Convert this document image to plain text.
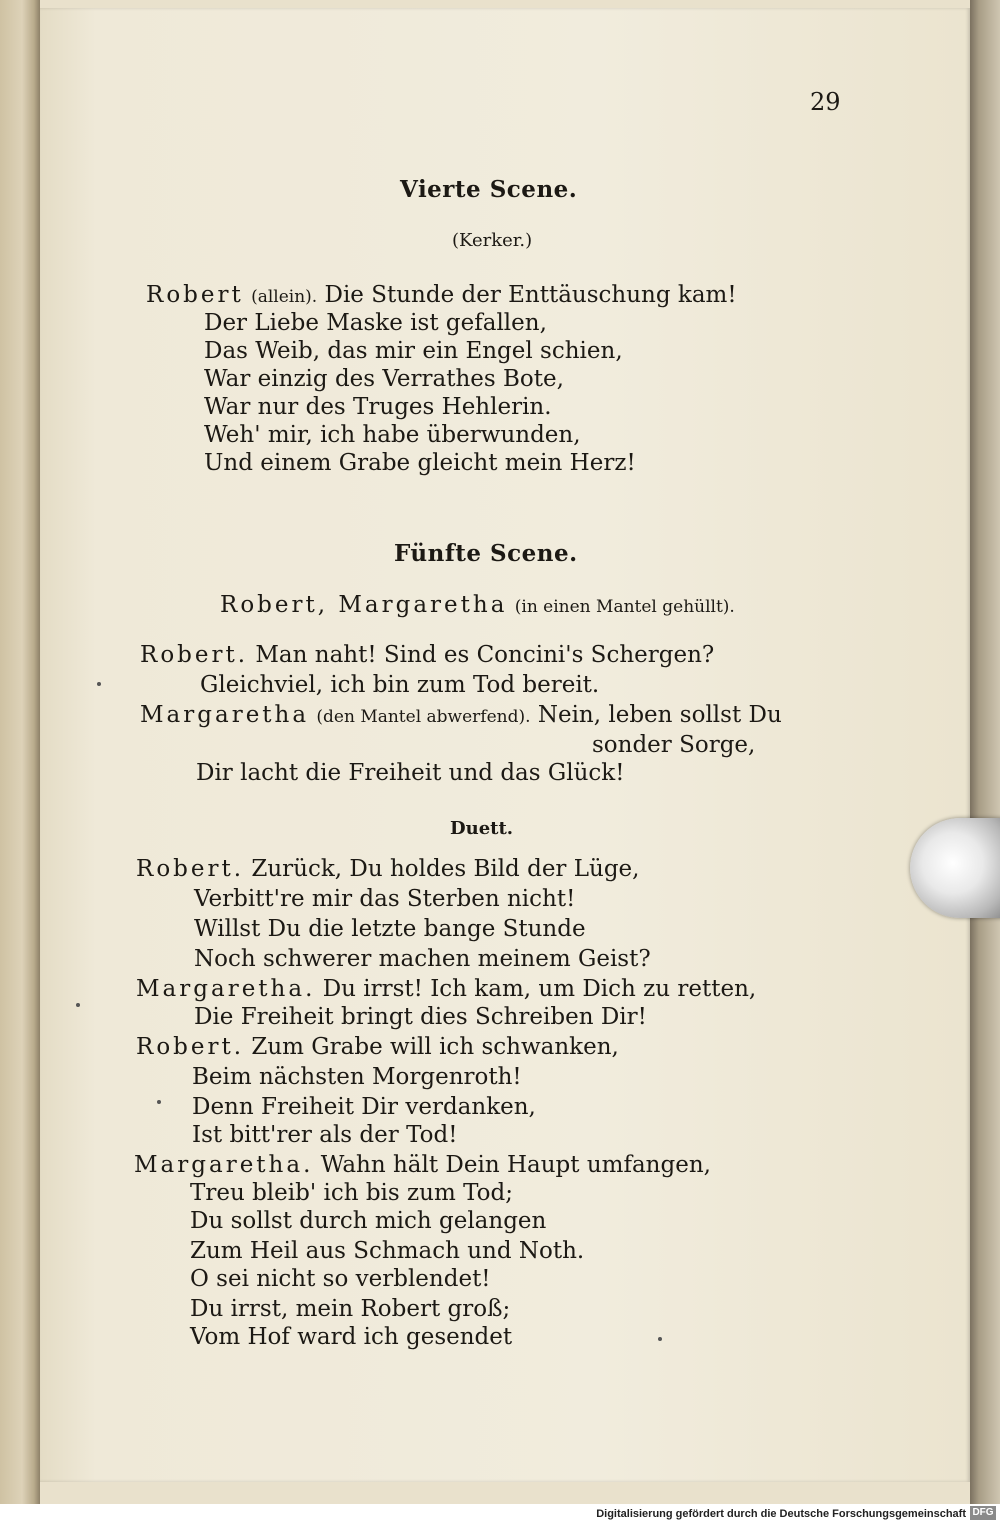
29
Vierte Scene.
(Kerker.)
Robert (allein). Die Stunde der Enttäuschung kam!
Der Liebe Maske ist gefallen,
Das Weib, das mir ein Engel schien,
War einzig des Verrathes Bote,
War nur des Truges Hehlerin.
Weh' mir, ich habe überwunden,
Und einem Grabe gleicht mein Herz!
Fünfte Scene.
Robert, Margaretha (in einen Mantel gehüllt).
Robert. Man naht! Sind es Concini's Schergen?
Gleichviel, ich bin zum Tod bereit.
Margaretha (den Mantel abwerfend). Nein, leben sollst Du
sonder Sorge,
Dir lacht die Freiheit und das Glück!
Duett.
Robert. Zurück, Du holdes Bild der Lüge,
Verbitt're mir das Sterben nicht!
Willst Du die letzte bange Stunde
Noch schwerer machen meinem Geist?
Margaretha. Du irrst! Ich kam, um Dich zu retten,
Die Freiheit bringt dies Schreiben Dir!
Robert. Zum Grabe will ich schwanken,
Beim nächsten Morgenroth!
Denn Freiheit Dir verdanken,
Ist bitt'rer als der Tod!
Margaretha. Wahn hält Dein Haupt umfangen,
Treu bleib' ich bis zum Tod;
Du sollst durch mich gelangen
Zum Heil aus Schmach und Noth.
O sei nicht so verblendet!
Du irrst, mein Robert groß;
Vom Hof ward ich gesendet
Digitalisierung gefördert durch die Deutsche Forschungsgemeinschaft DFG
